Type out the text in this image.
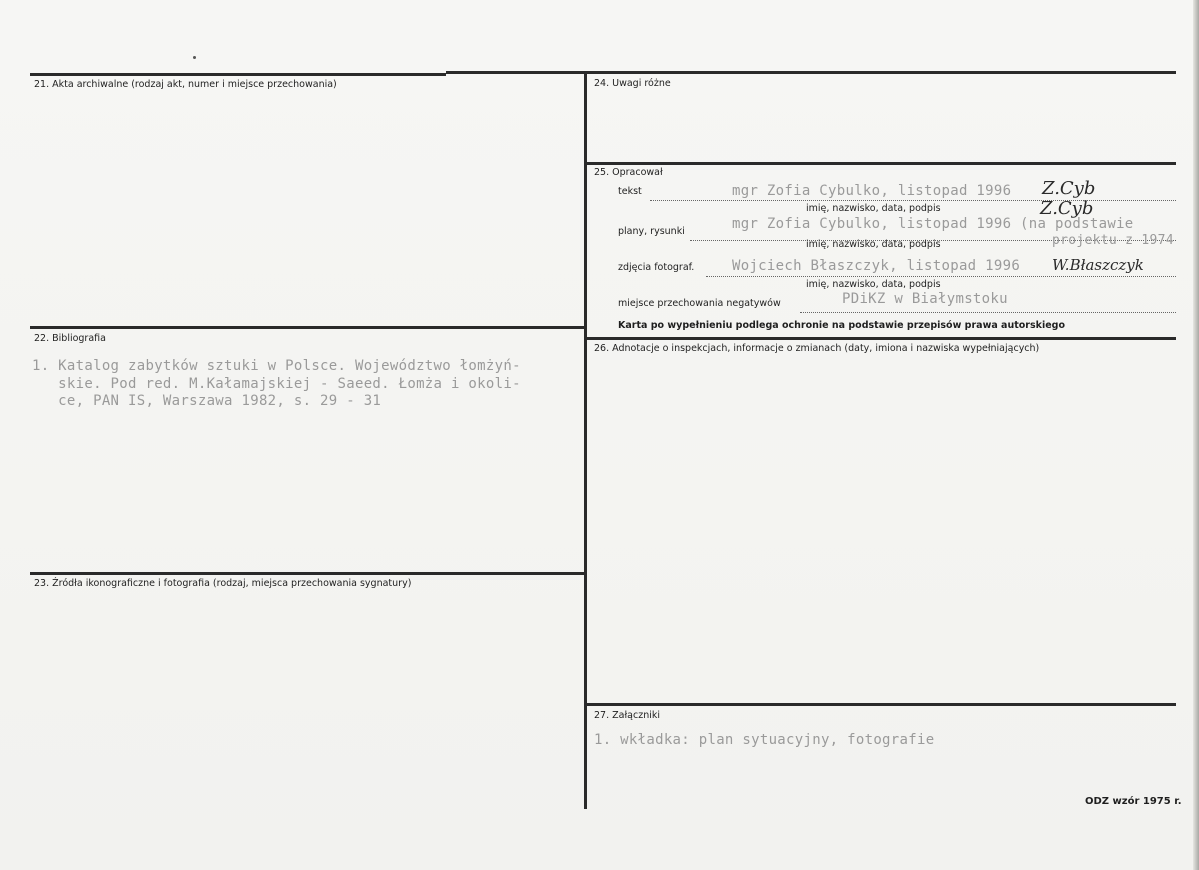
21. Akta archiwalne (rodzaj akt, numer i miejsce przechowania)
22. Bibliografia
1. Katalog zabytków sztuki w Polsce. Województwo łomżyń-
skie. Pod red. M.Kałamajskiej - Saeed. Łomża i okoli-
ce, PAN IS, Warszawa 1982, s. 29 - 31
23. Źródła ikonograficzne i fotografia (rodzaj, miejsca przechowania sygnatury)
24. Uwagi różne
25. Opracował
tekst	mgr Zofia Cybulko, listopad 1996 Z.Cyb
imię, nazwisko, data, podpis
plany, rysunki	mgr Zofia Cybulko, listopad 1996 (na podstawie
projektu z 1974
Z.Cyb
imię, nazwisko, data, podpis
zdjęcia fotograf.	Wojciech Błaszczyk, listopad 1996 W.Błaszczyk
imię, nazwisko, data, podpis
miejsce przechowania negatywów	PDiKZ w Białymstoku
Karta po wypełnieniu podlega ochronie na podstawie przepisów prawa autorskiego
26. Adnotacje o inspekcjach, informacje o zmianach (daty, imiona i nazwiska wypełniających)
27. Załączniki
1. wkładka: plan sytuacyjny, fotografie
ODZ wzór 1975 r.
